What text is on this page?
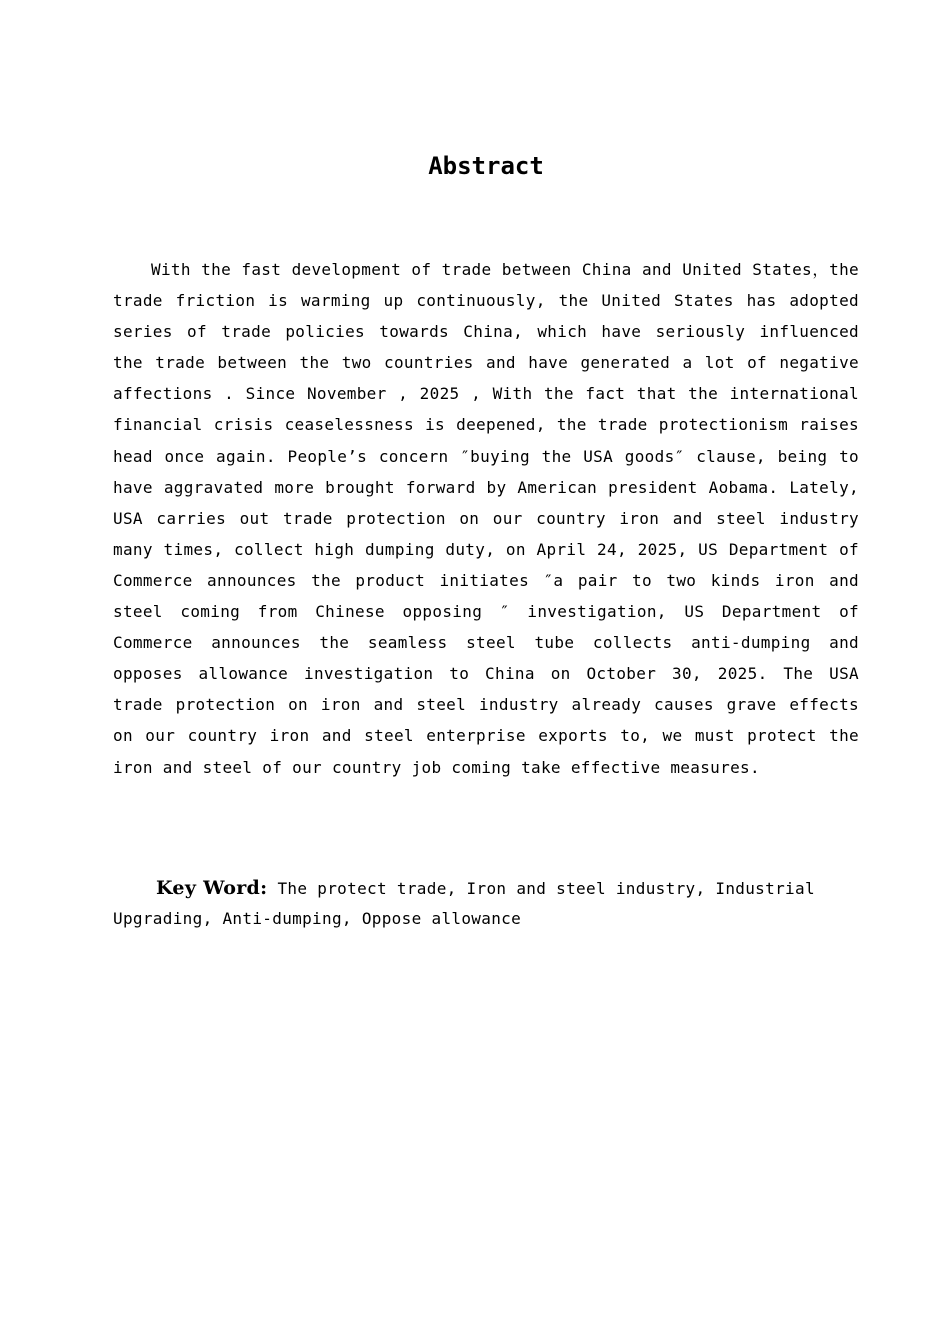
Abstract

With the fast development of trade between China and United States，the trade friction is warming up continuously, the United States has adopted series of trade policies towards China, which have seriously influenced the trade between the two countries and have generated a lot of negative affections . Since November , 2025 , With the fact that the international financial crisis ceaselessness is deepened, the trade protectionism raises head once again. People’s concern ″buying the USA goods″ clause, being to have aggravated more brought forward by American president Aobama. Lately, USA carries out trade protection on our country iron and steel industry many times, collect high dumping duty, on April 24, 2025, US Department of Commerce announces the product initiates ″a pair to two kinds iron and steel coming from Chinese opposing ″ investigation, US Department of Commerce announces the seamless steel tube collects anti-dumping and opposes allowance investigation to China on October 30, 2025. The USA trade protection on iron and steel industry already causes grave effects on our country iron and steel enterprise exports to, we must protect the iron and steel of our country job coming take effective measures.

Key Word: The protect trade, Iron and steel industry, Industrial Upgrading, Anti-dumping, Oppose allowance
